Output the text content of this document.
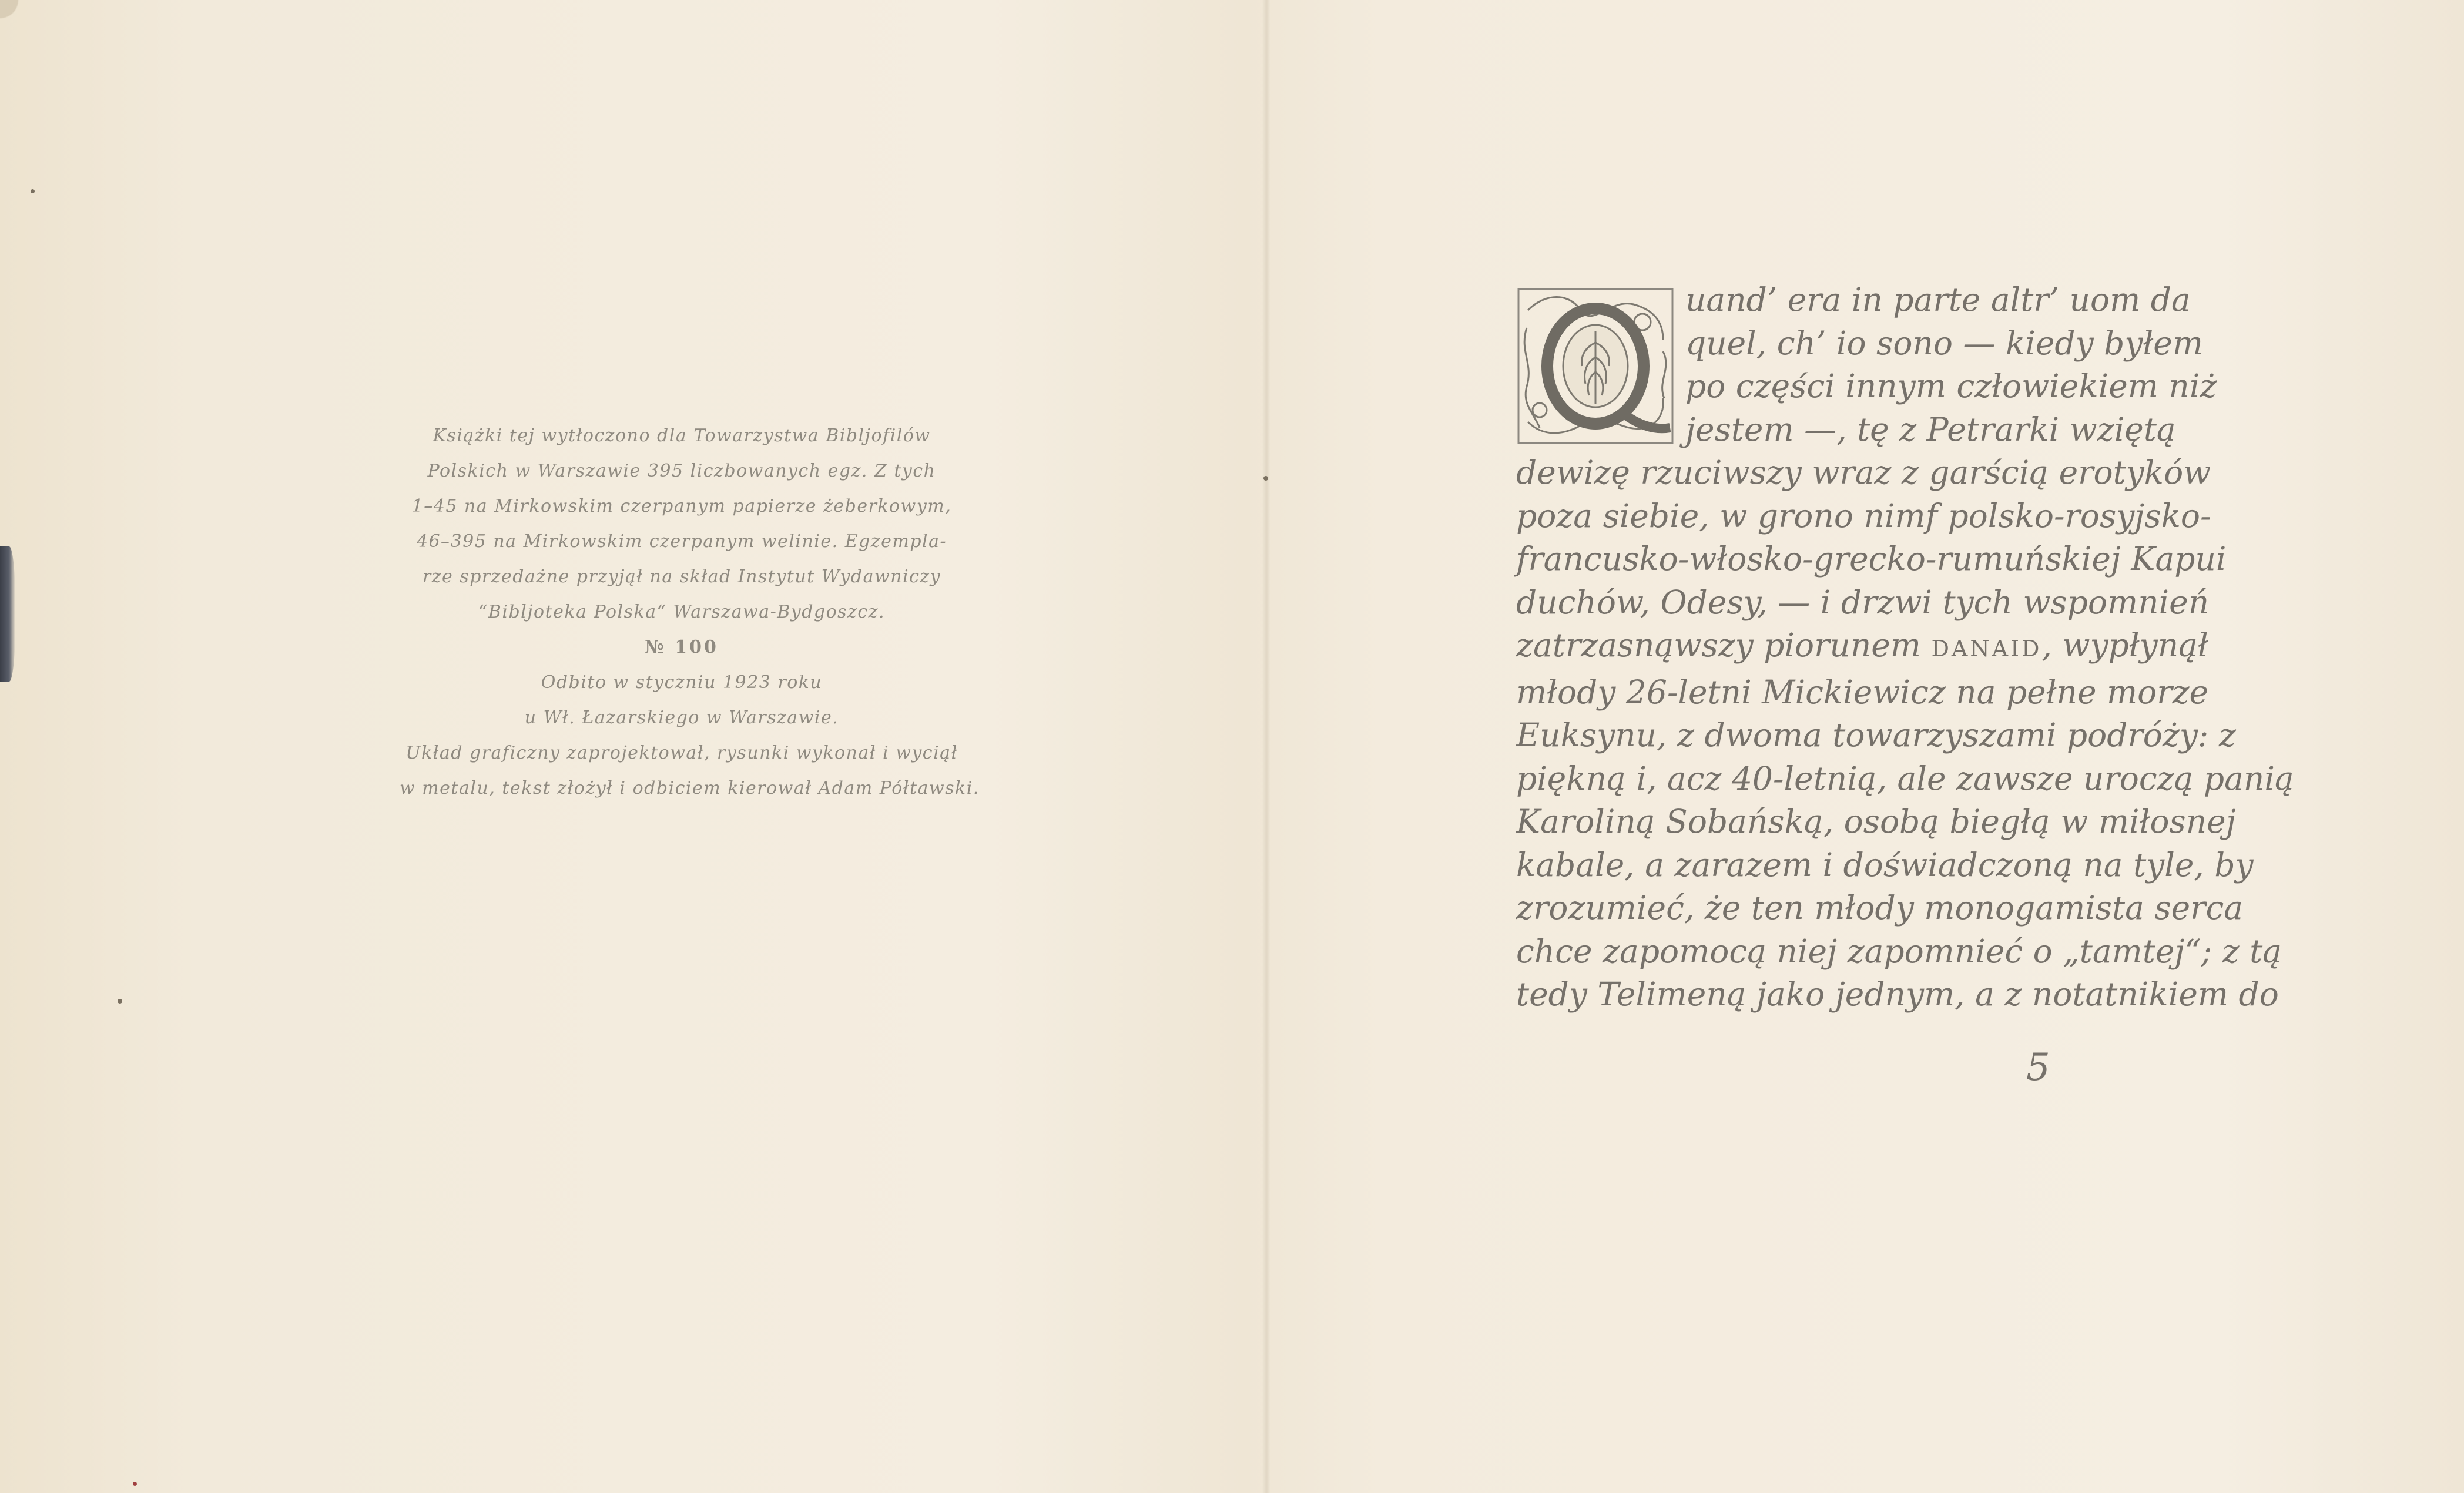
Książki tej wytłoczono dla Towarzystwa Bibljofilów
Polskich w Warszawie 395 liczbowanych egz. Z tych
1–45 na Mirkowskim czerpanym papierze żeberkowym,
46–395 na Mirkowskim czerpanym welinie. Egzempla-
rze sprzedażne przyjął na skład Instytut Wydawniczy
“Bibljoteka Polska“ Warszawa-Bydgoszcz.
№ 100
Odbito w styczniu 1923 roku
u Wł. Łazarskiego w Warszawie.
Układ graficzny zaprojektował, rysunki wykonał i wyciął
w metalu, tekst złożył i odbiciem kierował Adam Półtawski.
uand’ era in parte altr’ uom da
quel, ch’ io sono — kiedy byłem
po części innym człowiekiem niż
jestem —, tę z Petrarki wziętą
dewizę rzuciwszy wraz z garścią erotyków
poza siebie, w grono nimf polsko-rosyjsko-
francusko-włosko-grecko-rumuńskiej Kapui
duchów, Odesy, — i drzwi tych wspomnień
zatrzasnąwszy piorunem DANAID, wypłynął
młody 26-letni Mickiewicz na pełne morze
Euksynu, z dwoma towarzyszami podróży: z
piękną i, acz 40-letnią, ale zawsze uroczą panią
Karoliną Sobańską, osobą biegłą w miłosnej
kabale, a zarazem i doświadczoną na tyle, by
zrozumieć, że ten młody monogamista serca
chce zapomocą niej zapomnieć o „tamtej“; z tą
tedy Telimeną jako jednym, a z notatnikiem do
5
